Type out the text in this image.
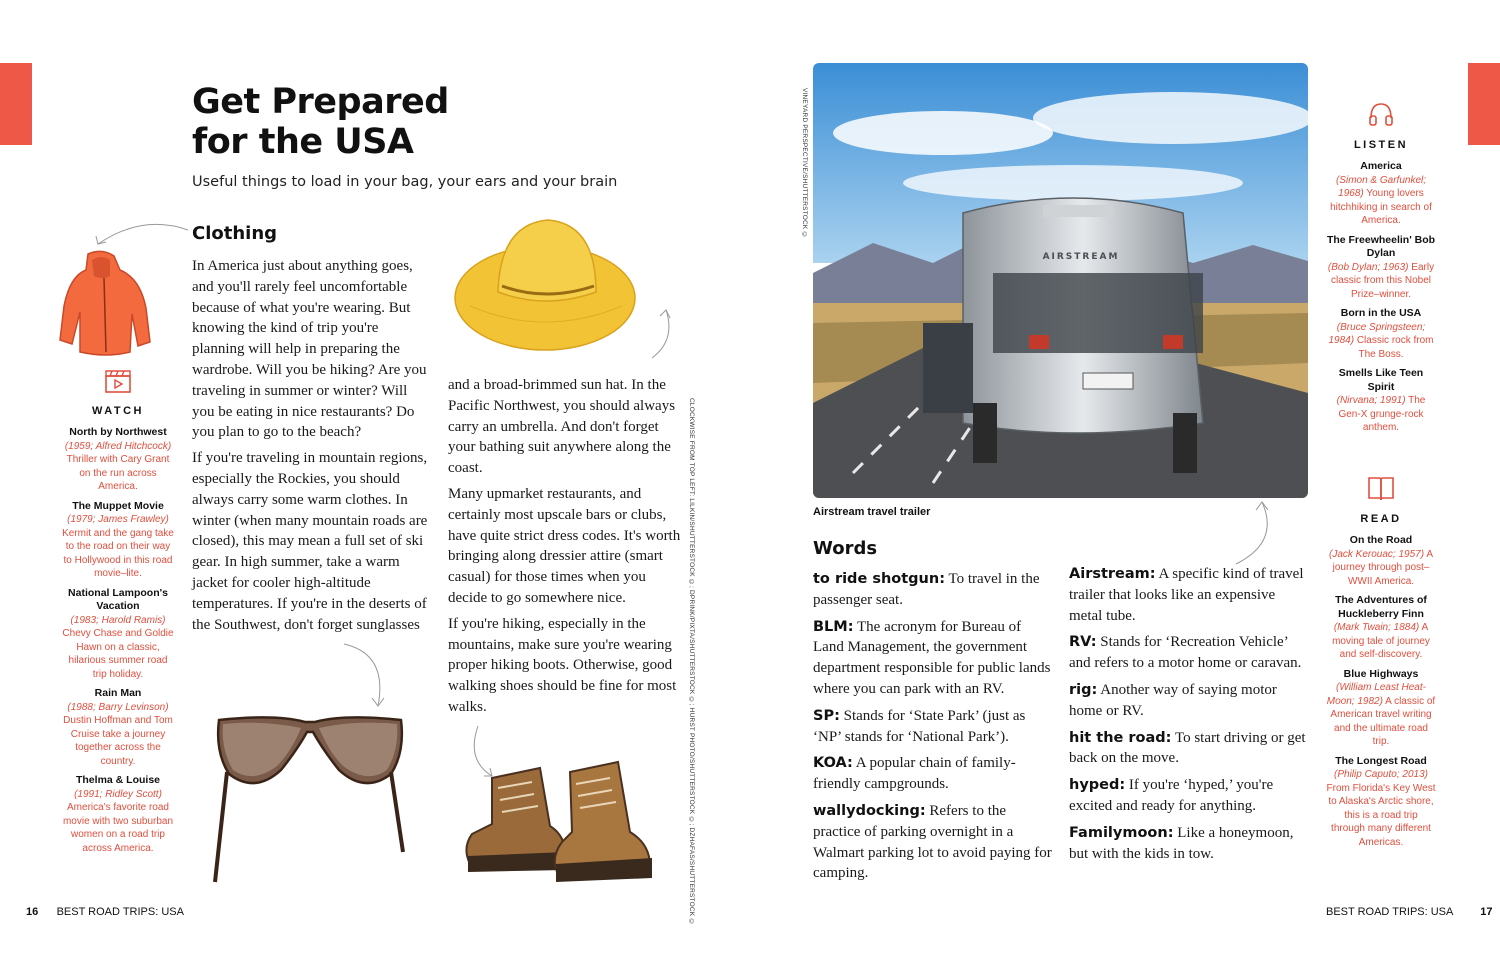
Get Prepared
for the USA
Useful things to load in your bag, your ears and your brain
WATCH
North by Northwest
(1959; Alfred Hitchcock) Thriller with Cary Grant on the run across America.
The Muppet Movie
(1979; James Frawley) Kermit and the gang take to the road on their way to Hollywood in this road movie–lite.
National Lampoon's Vacation
(1983; Harold Ramis) Chevy Chase and Goldie Hawn on a classic, hilarious summer road trip holiday.
Rain Man
(1988; Barry Levinson) Dustin Hoffman and Tom Cruise take a journey together across the country.
Thelma & Louise
(1991; Ridley Scott) America's favorite road movie with two suburban women on a road trip across America.
Clothing

In America just about anything goes, and you'll rarely feel uncomfortable because of what you're wearing. But knowing the kind of trip you're planning will help in preparing the wardrobe. Will you be hiking? Are you traveling in summer or winter? Will you be eating in nice restaurants? Do you plan to go to the beach?

If you're traveling in mountain regions, especially the Rockies, you should always carry some warm clothes. In winter (when many mountain roads are closed), this may mean a full set of ski gear. In high summer, take a warm jacket for cooler high-altitude temperatures. If you're in the deserts of the Southwest, don't forget sunglasses

and a broad-brimmed sun hat. In the Pacific Northwest, you should always carry an umbrella. And don't forget your bathing suit anywhere along the coast.

Many upmarket restaurants, and certainly most upscale bars or clubs, have quite strict dress codes. It's worth bringing along dressier attire (smart casual) for those times when you decide to go somewhere nice.

If you're hiking, especially in the mountains, make sure you're wearing proper hiking boots. Otherwise, good walking shoes should be fine for most walks.	CLOCKWISE FROM TOP LEFT: LILKIN/SHUTTERSTOCK ©; DPRINK/PIXTA/SHUTTERSTOCK ©; HURST PHOTO/SHUTTERSTOCK ©; DZHAFAS/SHUTTERSTOCK ©
VINEYARD PERSPECTIVE/SHUTTERSTOCK ©
AIRSTREAM
Airstream travel trailer
Words
to ride shotgun: To travel in the passenger seat.
BLM: The acronym for Bureau of Land Management, the government department responsible for public lands where you can park with an RV.
SP: Stands for ‘State Park’ (just as ‘NP’ stands for ‘National Park’).
KOA: A popular chain of family-friendly campgrounds.
wallydocking: Refers to the practice of parking overnight in a Walmart parking lot to avoid paying for camping.
Airstream: A specific kind of travel trailer that looks like an expensive metal tube.
RV: Stands for ‘Recreation Vehicle’ and refers to a motor home or caravan.
rig: Another way of saying motor home or RV.
hit the road: To start driving or get back on the move.
hyped: If you're ‘hyped,’ you're excited and ready for anything.
Familymoon: Like a honeymoon, but with the kids in tow.
LISTEN
America
(Simon & Garfunkel; 1968) Young lovers hitchhiking in search of America.
The Freewheelin' Bob Dylan
(Bob Dylan; 1963) Early classic from this Nobel Prize–winner.
Born in the USA
(Bruce Springsteen; 1984) Classic rock from The Boss.
Smells Like Teen Spirit
(Nirvana; 1991) The Gen-X grunge-rock anthem.
READ
On the Road
(Jack Kerouac; 1957) A journey through post–WWII America.
The Adventures of Huckleberry Finn
(Mark Twain; 1884) A moving tale of journey and self-discovery.
Blue Highways
(William Least Heat-Moon; 1982) A classic of American travel writing and the ultimate road trip.
The Longest Road
(Philip Caputo; 2013) From Florida's Key West to Alaska's Arctic shore, this is a road trip through many different Americas.
16 BEST ROAD TRIPS: USA	BEST ROAD TRIPS: USA	17
